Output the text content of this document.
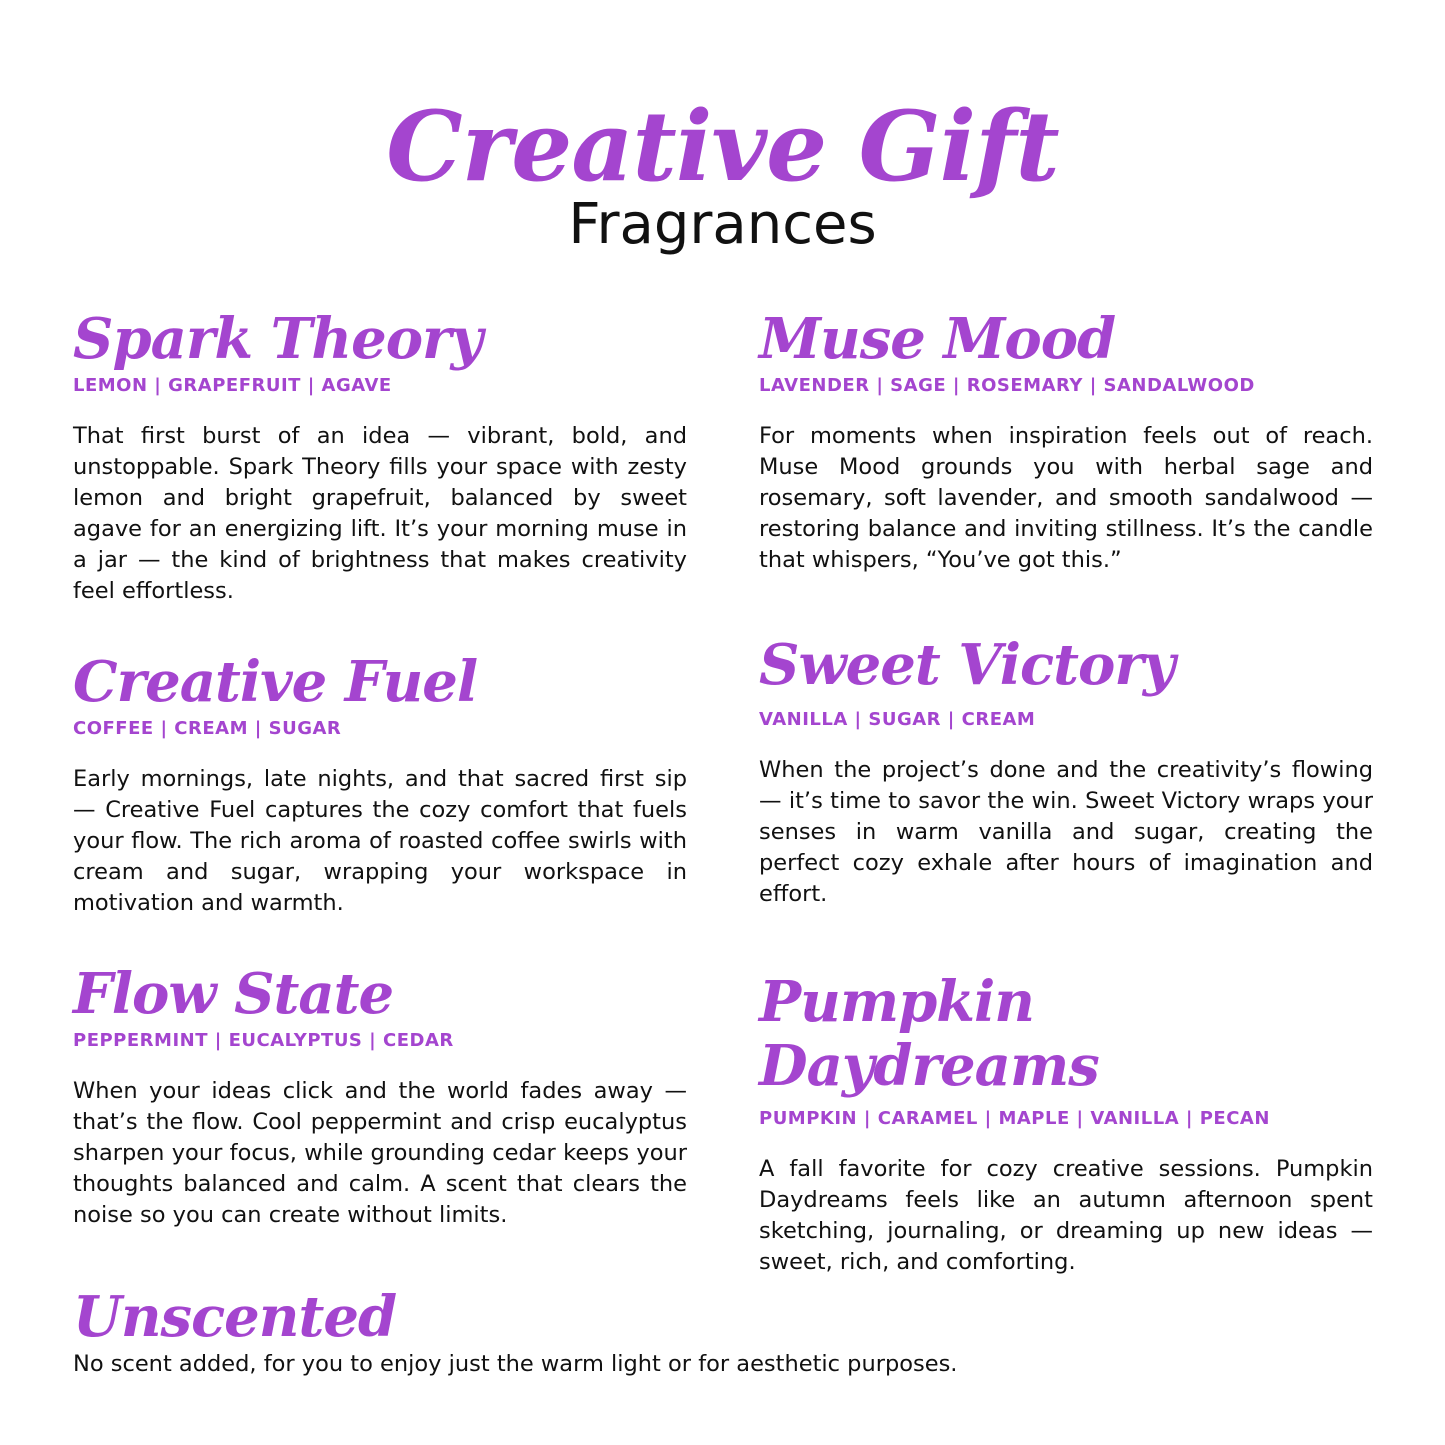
Creative Gift
Fragrances
Spark Theory
LEMON | GRAPEFRUIT | AGAVE

That first burst of an idea — vibrant, bold, and unstoppable. Spark Theory fills your space with zesty lemon and bright grapefruit, balanced by sweet agave for an energizing lift. It’s your morning muse in a jar — the kind of brightness that makes creativity feel effortless.

Muse Mood
LAVENDER | SAGE | ROSEMARY | SANDALWOOD

For moments when inspiration feels out of reach. Muse Mood grounds you with herbal sage and rosemary, soft lavender, and smooth sandalwood — restoring balance and inviting stillness. It’s the candle that whispers, “You’ve got this.”

Creative Fuel
COFFEE | CREAM | SUGAR

Early mornings, late nights, and that sacred first sip — Creative Fuel captures the cozy comfort that fuels your flow. The rich aroma of roasted coffee swirls with cream and sugar, wrapping your workspace in motivation and warmth.

Sweet Victory
VANILLA | SUGAR | CREAM

When the project’s done and the creativity’s flowing — it’s time to savor the win. Sweet Victory wraps your senses in warm vanilla and sugar, creating the perfect cozy exhale after hours of imagination and effort.

Flow State
PEPPERMINT | EUCALYPTUS | CEDAR

When your ideas click and the world fades away — that’s the flow. Cool peppermint and crisp eucalyptus sharpen your focus, while grounding cedar keeps your thoughts balanced and calm. A scent that clears the noise so you can create without limits.

Pumpkin Daydreams
PUMPKIN | CARAMEL | MAPLE | VANILLA | PECAN

A fall favorite for cozy creative sessions. Pumpkin Daydreams feels like an autumn afternoon spent sketching, journaling, or dreaming up new ideas — sweet, rich, and comforting.

Unscented

No scent added, for you to enjoy just the warm light or for aesthetic purposes.
